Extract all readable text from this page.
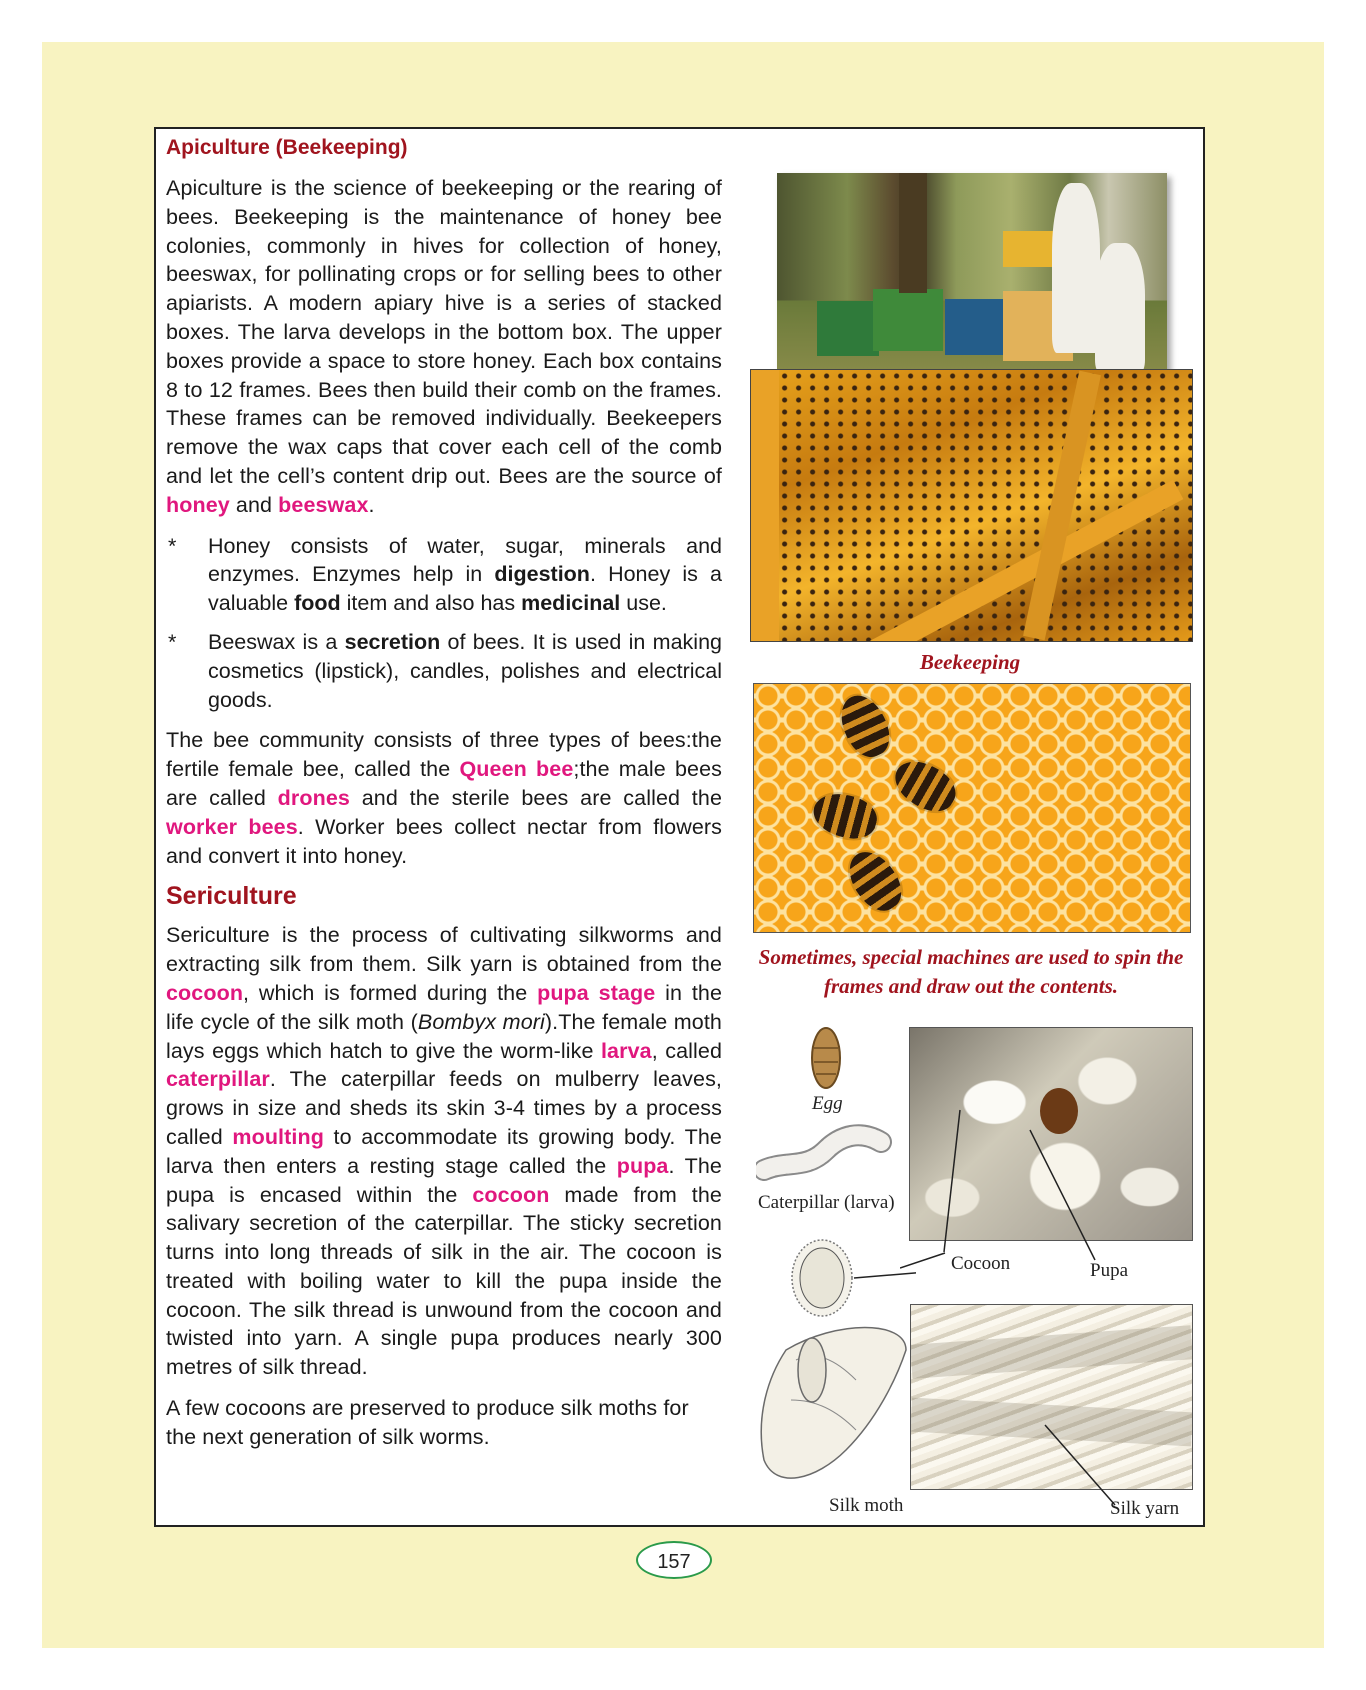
Apiculture (Beekeeping)

Apiculture is the science of beekeeping or the rearing of bees. Beekeeping is the maintenance of honey bee colonies, commonly in hives for collection of honey, beeswax, for pollinating crops or for selling bees to other apiarists. A modern apiary hive is a series of stacked boxes. The larva develops in the bottom box. The upper boxes provide a space to store honey. Each box contains 8 to 12 frames. Bees then build their comb on the frames. These frames can be removed individually. Beekeepers remove the wax caps that cover each cell of the comb and let the cell’s content drip out. Bees are the source of honey and beeswax.

* Honey consists of water, sugar, minerals and enzymes. Enzymes help in digestion. Honey is a valuable food item and also has medicinal use.
* Beeswax is a secretion of bees. It is used in making cosmetics (lipstick), candles, polishes and electrical goods.

The bee community consists of three types of bees:the fertile female bee, called the Queen bee;the male bees are called drones and the sterile bees are called the worker bees. Worker bees collect nectar from flowers and convert it into honey.

Sericulture

Sericulture is the process of cultivating silkworms and extracting silk from them. Silk yarn is obtained from the cocoon, which is formed during the pupa stage in the life cycle of the silk moth (Bombyx mori).The female moth lays eggs which hatch to give the worm-like larva, called caterpillar. The caterpillar feeds on mulberry leaves, grows in size and sheds its skin 3-4 times by a process called moulting to accommodate its growing body. The larva then enters a resting stage called the pupa. The pupa is encased within the cocoon made from the salivary secretion of the caterpillar. The sticky secretion turns into long threads of silk in the air. The cocoon is treated with boiling water to kill the pupa inside the cocoon. The silk thread is unwound from the cocoon and twisted into yarn. A single pupa produces nearly 300 metres of silk thread.

A few cocoons are preserved to produce silk moths for the next generation of silk worms.

Beekeeping
Sometimes, special machines are used to spin the frames and draw out the contents.
Egg
Caterpillar (larva)
Cocoon	Pupa
Silk moth	Silk yarn
157
